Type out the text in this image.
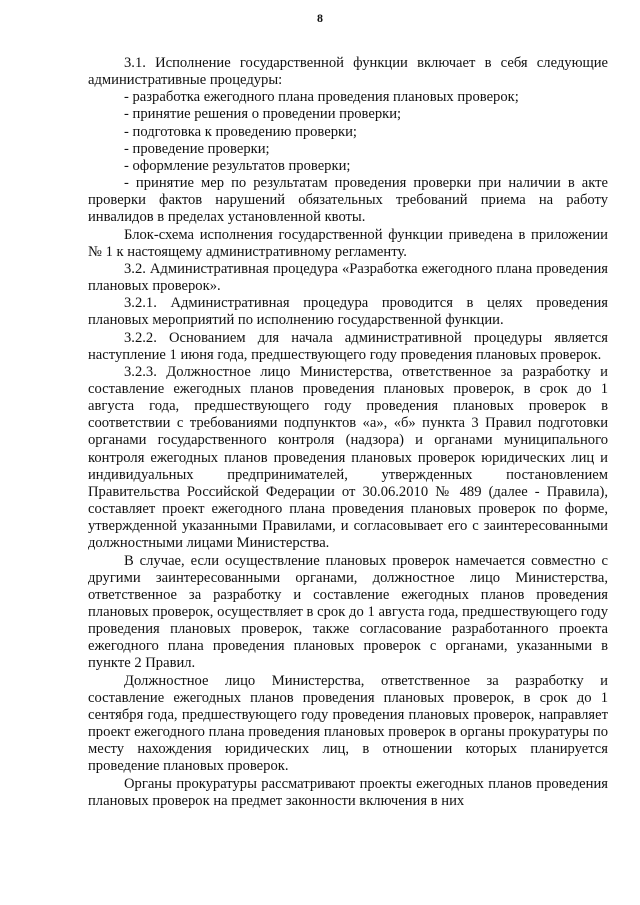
8

3.1. Исполнение государственной функции включает в себя следующие административные процедуры:

- разработка ежегодного плана проведения плановых проверок;

- принятие решения о проведении проверки;

- подготовка к проведению проверки;

- проведение проверки;

- оформление результатов проверки;

- принятие мер по результатам проведения проверки при наличии в акте проверки фактов нарушений обязательных требований приема на работу инвалидов в пределах установленной квоты.

Блок-схема исполнения государственной функции приведена в приложении № 1 к настоящему административному регламенту.

3.2. Административная процедура «Разработка ежегодного плана проведения плановых проверок».

3.2.1. Административная процедура проводится в целях проведения плановых мероприятий по исполнению государственной функции.

3.2.2. Основанием для начала административной процедуры является наступление 1 июня года, предшествующего году проведения плановых проверок.

3.2.3. Должностное лицо Министерства, ответственное за разработку и составление ежегодных планов проведения плановых проверок, в срок до 1 августа года, предшествующего году проведения плановых проверок в соответствии с требованиями подпунктов «а», «б» пункта 3 Правил подготовки органами государственного контроля (надзора) и органами муниципального контроля ежегодных планов проведения плановых проверок юридических лиц и индивидуальных предпринимателей, утвержденных постановлением Правительства Российской Федерации от 30.06.2010 № 489 (далее - Правила), составляет проект ежегодного плана проведения плановых проверок по форме, утвержденной указанными Правилами, и согласовывает его с заинтересованными должностными лицами Министерства.

В случае, если осуществление плановых проверок намечается совместно с другими заинтересованными органами, должностное лицо Министерства, ответственное за разработку и составление ежегодных планов проведения плановых проверок, осуществляет в срок до 1 августа года, предшествующего году проведения плановых проверок, также согласование разработанного проекта ежегодного плана проведения плановых проверок с органами, указанными в пункте 2 Правил.

Должностное лицо Министерства, ответственное за разработку и составление ежегодных планов проведения плановых проверок, в срок до 1 сентября года, предшествующего году проведения плановых проверок, направляет проект ежегодного плана проведения плановых проверок в органы прокуратуры по месту нахождения юридических лиц, в отношении которых планируется проведение плановых проверок.

Органы прокуратуры рассматривают проекты ежегодных планов проведения плановых проверок на предмет законности включения в них
